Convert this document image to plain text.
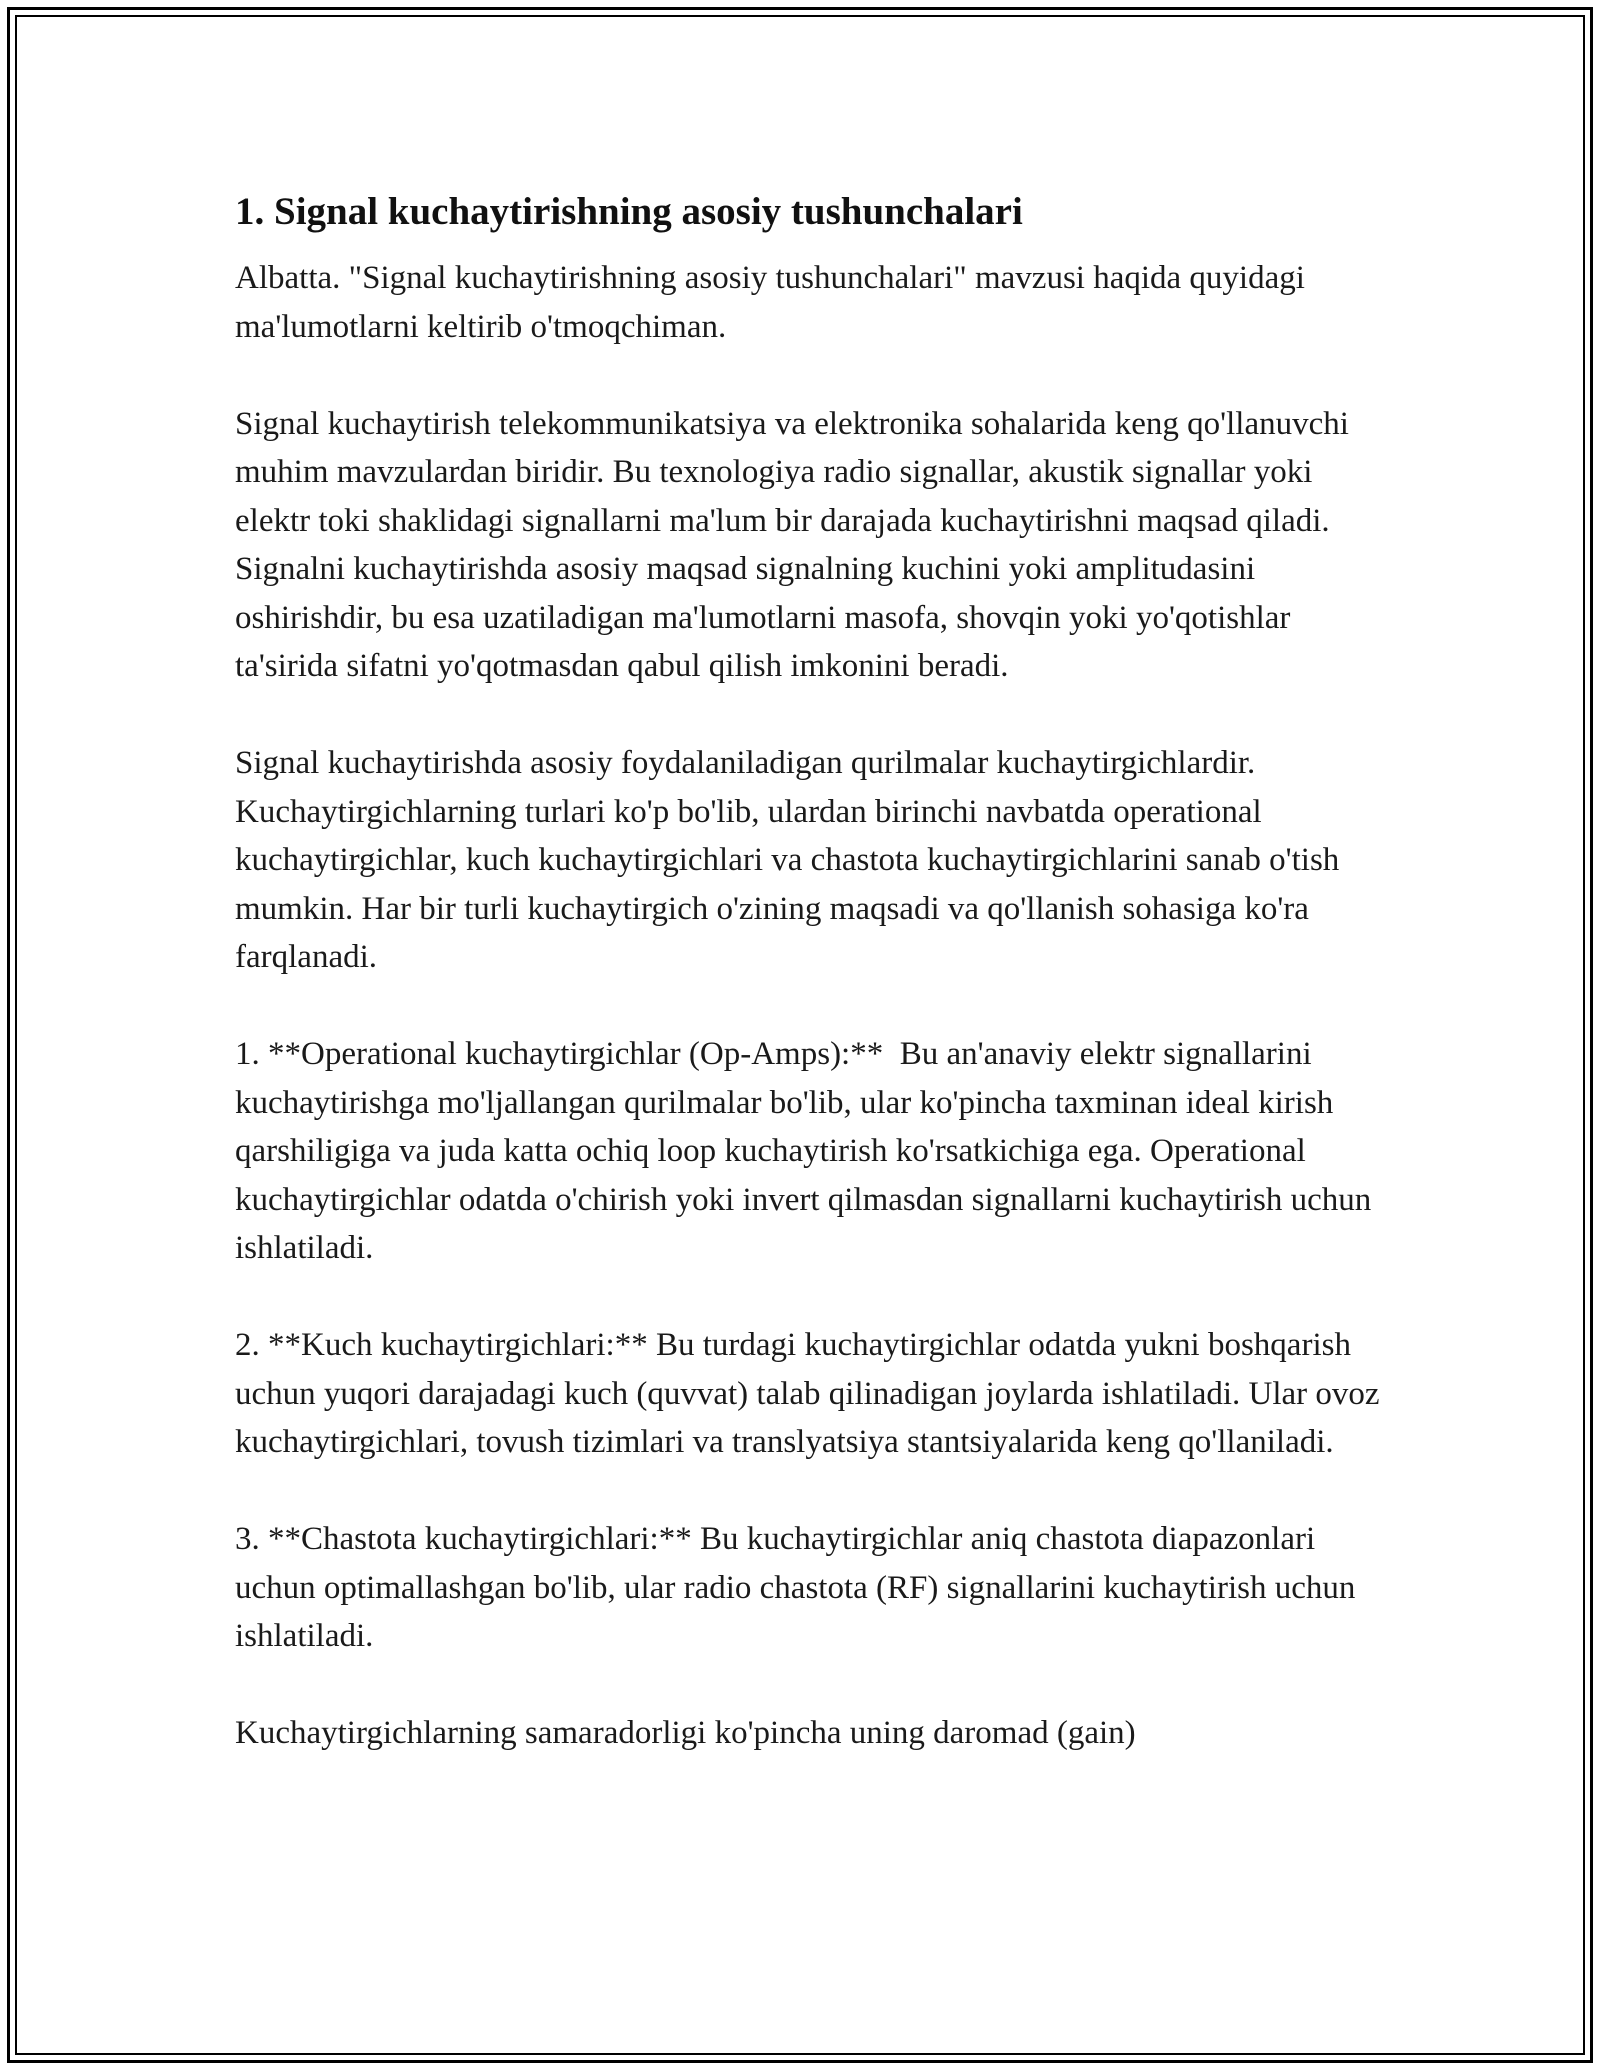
1. Signal kuchaytirishning asosiy tushunchalari

Albatta. "Signal kuchaytirishning asosiy tushunchalari" mavzusi haqida quyidagi ma'lumotlarni keltirib o'tmoqchiman.

Signal kuchaytirish telekommunikatsiya va elektronika sohalarida keng qo'llanuvchi muhim mavzulardan biridir. Bu texnologiya radio signallar, akustik signallar yoki elektr toki shaklidagi signallarni ma'lum bir darajada kuchaytirishni maqsad qiladi. Signalni kuchaytirishda asosiy maqsad signalning kuchini yoki amplitudasini oshirishdir, bu esa uzatiladigan ma'lumotlarni masofa, shovqin yoki yo'qotishlar ta'sirida sifatni yo'qotmasdan qabul qilish imkonini beradi.

Signal kuchaytirishda asosiy foydalaniladigan qurilmalar kuchaytirgichlardir. Kuchaytirgichlarning turlari ko'p bo'lib, ulardan birinchi navbatda operational kuchaytirgichlar, kuch kuchaytirgichlari va chastota kuchaytirgichlarini sanab o'tish mumkin. Har bir turli kuchaytirgich o'zining maqsadi va qo'llanish sohasiga ko'ra farqlanadi.

1. **Operational kuchaytirgichlar (Op-Amps):**  Bu an'anaviy elektr signallarini kuchaytirishga mo'ljallangan qurilmalar bo'lib, ular ko'pincha taxminan ideal kirish qarshiligiga va juda katta ochiq loop kuchaytirish ko'rsatkichiga ega. Operational kuchaytirgichlar odatda o'chirish yoki invert qilmasdan signallarni kuchaytirish uchun ishlatiladi.

2. **Kuch kuchaytirgichlari:** Bu turdagi kuchaytirgichlar odatda yukni boshqarish uchun yuqori darajadagi kuch (quvvat) talab qilinadigan joylarda ishlatiladi. Ular ovoz kuchaytirgichlari, tovush tizimlari va translyatsiya stantsiyalarida keng qo'llaniladi.

3. **Chastota kuchaytirgichlari:** Bu kuchaytirgichlar aniq chastota diapazonlari uchun optimallashgan bo'lib, ular radio chastota (RF) signallarini kuchaytirish uchun ishlatiladi.

Kuchaytirgichlarning samaradorligi ko'pincha uning daromad (gain)
